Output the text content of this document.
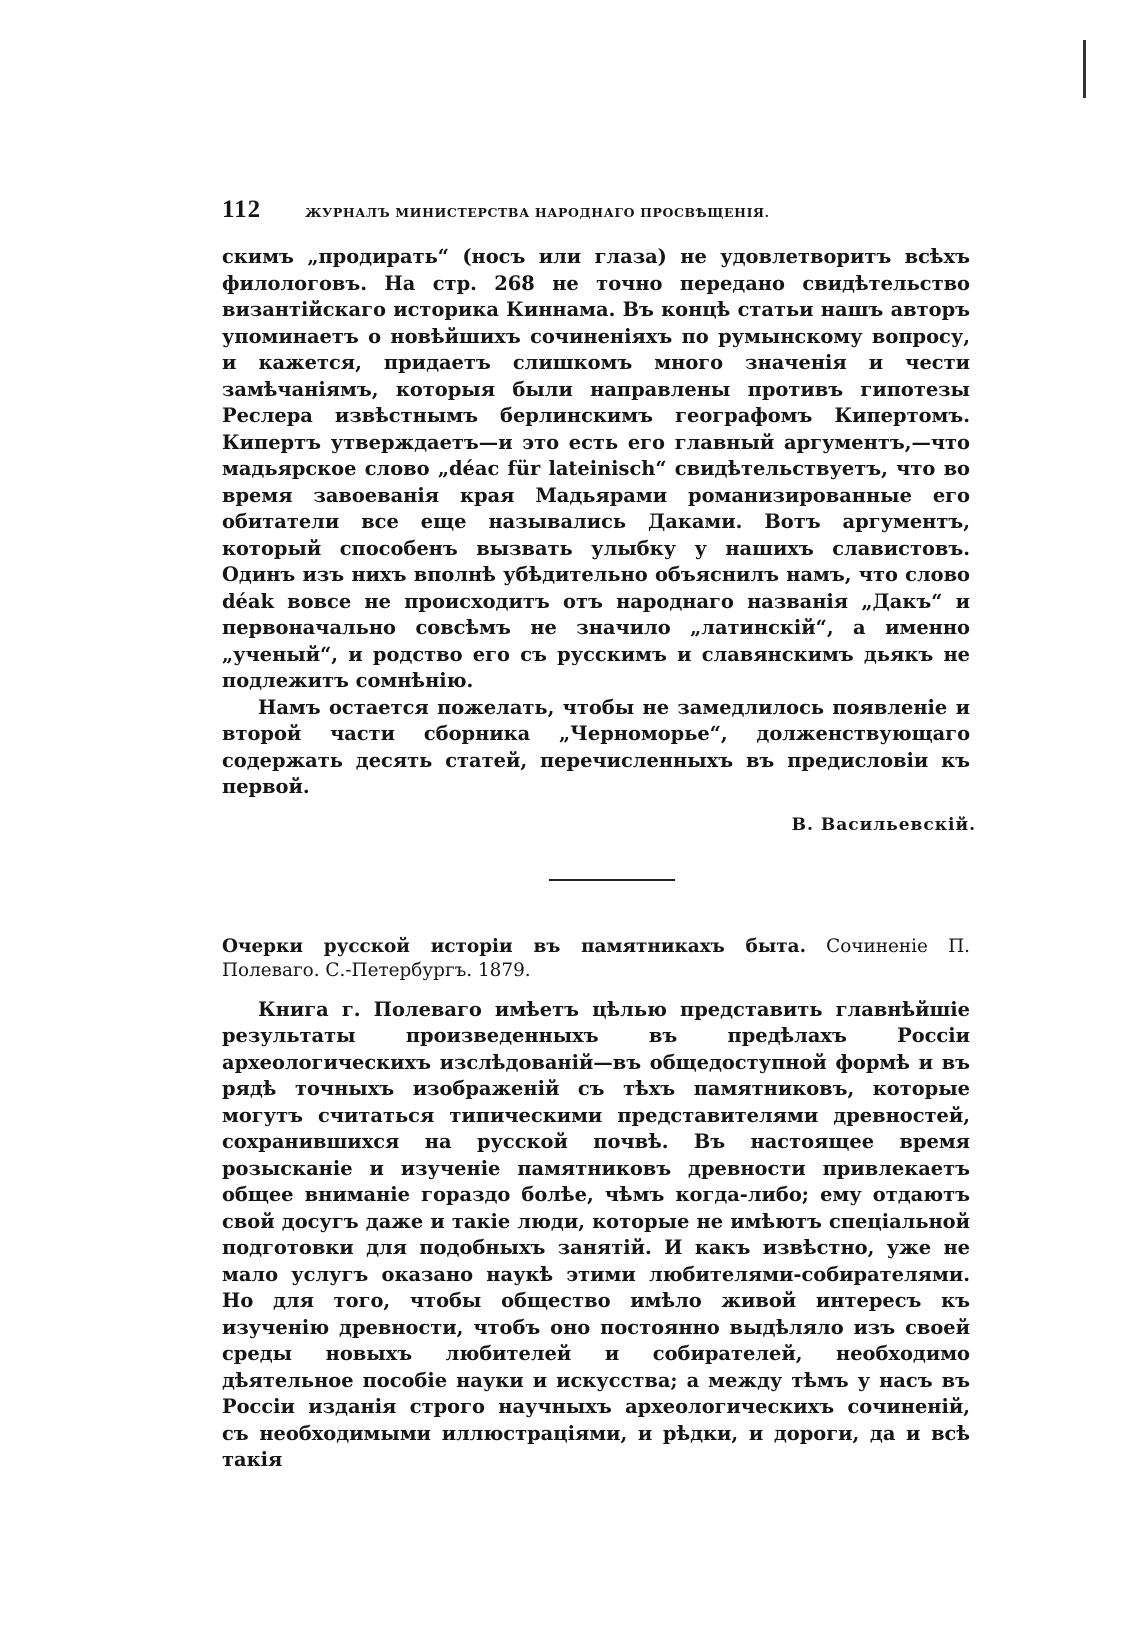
112	ЖУРНАЛЪ МИНИСТЕРСТВА НАРОДНАГО ПРОСВѢЩЕНІЯ.

скимъ „продирать“ (носъ или глаза) не удовлетворитъ всѣхъ филологовъ. На стр. 268 не точно передано свидѣтельство византійскаго историка Киннама. Въ концѣ статьи нашъ авторъ упоминаетъ о новѣйшихъ сочиненіяхъ по румынскому вопросу, и кажется, придаетъ слишкомъ много значенія и чести замѣчаніямъ, которыя были направлены противъ гипотезы Реслера извѣстнымъ берлинскимъ географомъ Кипертомъ. Кипертъ утверждаетъ—и это есть его главный аргументъ,—что мадьярское слово „déac für lateinisch“ свидѣтельствуетъ, что во время завоеванія края Мадьярами романизированные его обитатели все еще назывались Даками. Вотъ аргументъ, который способенъ вызвать улыбку у нашихъ славистовъ. Одинъ изъ нихъ вполнѣ убѣдительно объяснилъ намъ, что слово déak вовсе не происходитъ отъ народнаго названія „Дакъ“ и первоначально совсѣмъ не значило „латинскій“, а именно „ученый“, и родство его съ русскимъ и славянскимъ дьякъ не подлежитъ сомнѣнію.

Намъ остается пожелать, чтобы не замедлилось появленіе и второй части сборника „Черноморье“, долженствующаго содержать десять статей, перечисленныхъ въ предисловіи къ первой.

В. Васильевскій.
Очерки русской исторіи въ памятникахъ быта. Сочиненіе П. Полеваго. С.-Петербургъ. 1879.

Книга г. Полеваго имѣетъ цѣлью представить главнѣйшіе результаты произведенныхъ въ предѣлахъ Россіи археологическихъ изслѣдованій—въ общедоступной формѣ и въ рядѣ точныхъ изображеній съ тѣхъ памятниковъ, которые могутъ считаться типическими представителями древностей, сохранившихся на русской почвѣ. Въ настоящее время розысканіе и изученіе памятниковъ древности привлекаетъ общее вниманіе гораздо болѣе, чѣмъ когда-либо; ему отдаютъ свой досугъ даже и такіе люди, которые не имѣютъ спеціальной подготовки для подобныхъ занятій. И какъ извѣстно, уже не мало услугъ оказано наукѣ этими любителями-собирателями. Но для того, чтобы общество имѣло живой интересъ къ изученію древности, чтобъ оно постоянно выдѣляло изъ своей среды новыхъ любителей и собирателей, необходимо дѣятельное пособіе науки и искусства; а между тѣмъ у насъ въ Россіи изданія строго научныхъ археологическихъ сочиненій, съ необходимыми иллюстраціями, и рѣдки, и дороги, да и всѣ такія
